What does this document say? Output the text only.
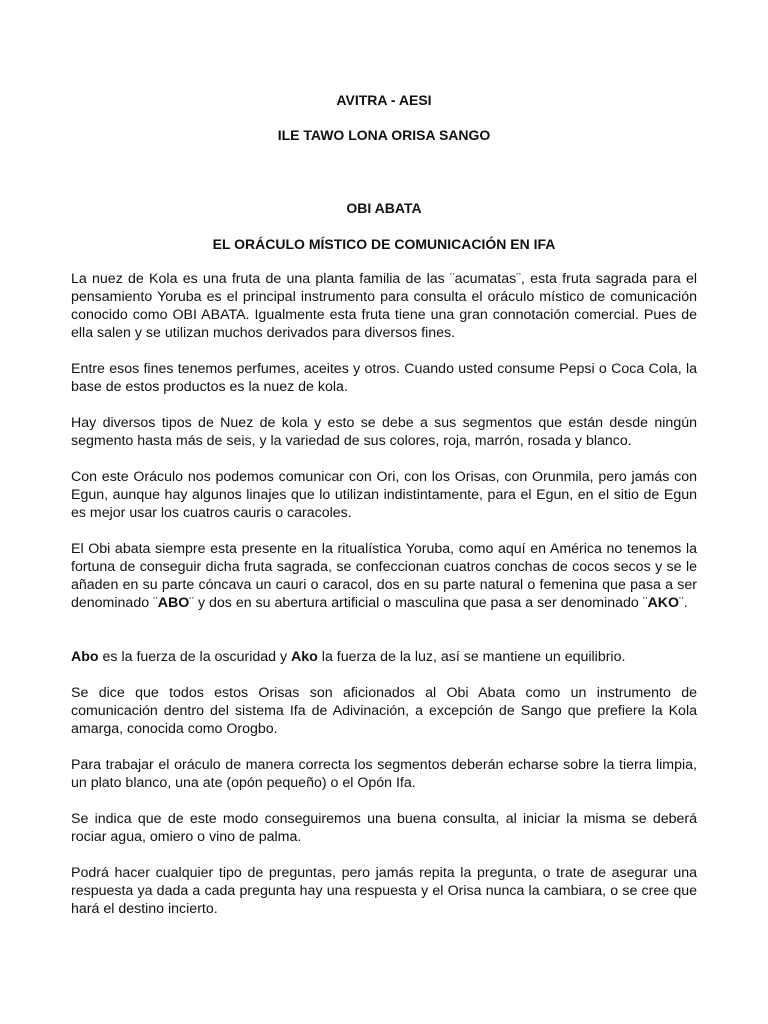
AVITRA - AESI
ILE TAWO LONA ORISA SANGO
OBI ABATA
EL ORÁCULO MÍSTICO DE COMUNICACIÓN EN IFA

La nuez de Kola es una fruta de una planta familia de las ¨acumatas¨, esta fruta sagrada para el pensamiento Yoruba es el principal instrumento para consulta el oráculo místico de comunicación conocido como OBI ABATA. Igualmente esta fruta tiene una gran connotación comercial. Pues de ella salen y se utilizan muchos derivados para diversos fines.

Entre esos fines tenemos perfumes, aceites y otros. Cuando usted consume Pepsi o Coca Cola, la base de estos productos es la nuez de kola.

Hay diversos tipos de Nuez de kola y esto se debe a sus segmentos que están desde ningún segmento hasta más de seis, y la variedad de sus colores, roja, marrón, rosada y blanco.

Con este Oráculo nos podemos comunicar con Ori, con los Orisas, con Orunmila, pero jamás con Egun, aunque hay algunos linajes que lo utilizan indistintamente, para el Egun, en el sitio de Egun es mejor usar los cuatros cauris o caracoles.

El Obi abata siempre esta presente en la ritualística Yoruba, como aquí en América no tenemos la fortuna de conseguir dicha fruta sagrada, se confeccionan cuatros conchas de cocos secos y se le añaden en su parte cóncava un cauri o caracol, dos en su parte natural o femenina que pasa a ser denominado ¨ABO¨ y dos en su abertura artificial o masculina que pasa a ser denominado ¨AKO¨.

Abo es la fuerza de la oscuridad y Ako la fuerza de la luz, así se mantiene un equilibrio.

Se dice que todos estos Orisas son aficionados al Obi Abata como un instrumento de comunicación dentro del sistema Ifa de Adivinación, a excepción de Sango que prefiere la Kola amarga, conocida como Orogbo.

Para trabajar el oráculo de manera correcta los segmentos deberán echarse sobre la tierra limpia, un plato blanco, una ate (opón pequeño) o el Opón Ifa.

Se indica que de este modo conseguiremos una buena consulta, al iniciar la misma se deberá rociar agua, omiero o vino de palma.

Podrá hacer cualquier tipo de preguntas, pero jamás repita la pregunta, o trate de asegurar una respuesta ya dada a cada pregunta hay una respuesta y el Orisa nunca la cambiara, o se cree que hará el destino incierto.
